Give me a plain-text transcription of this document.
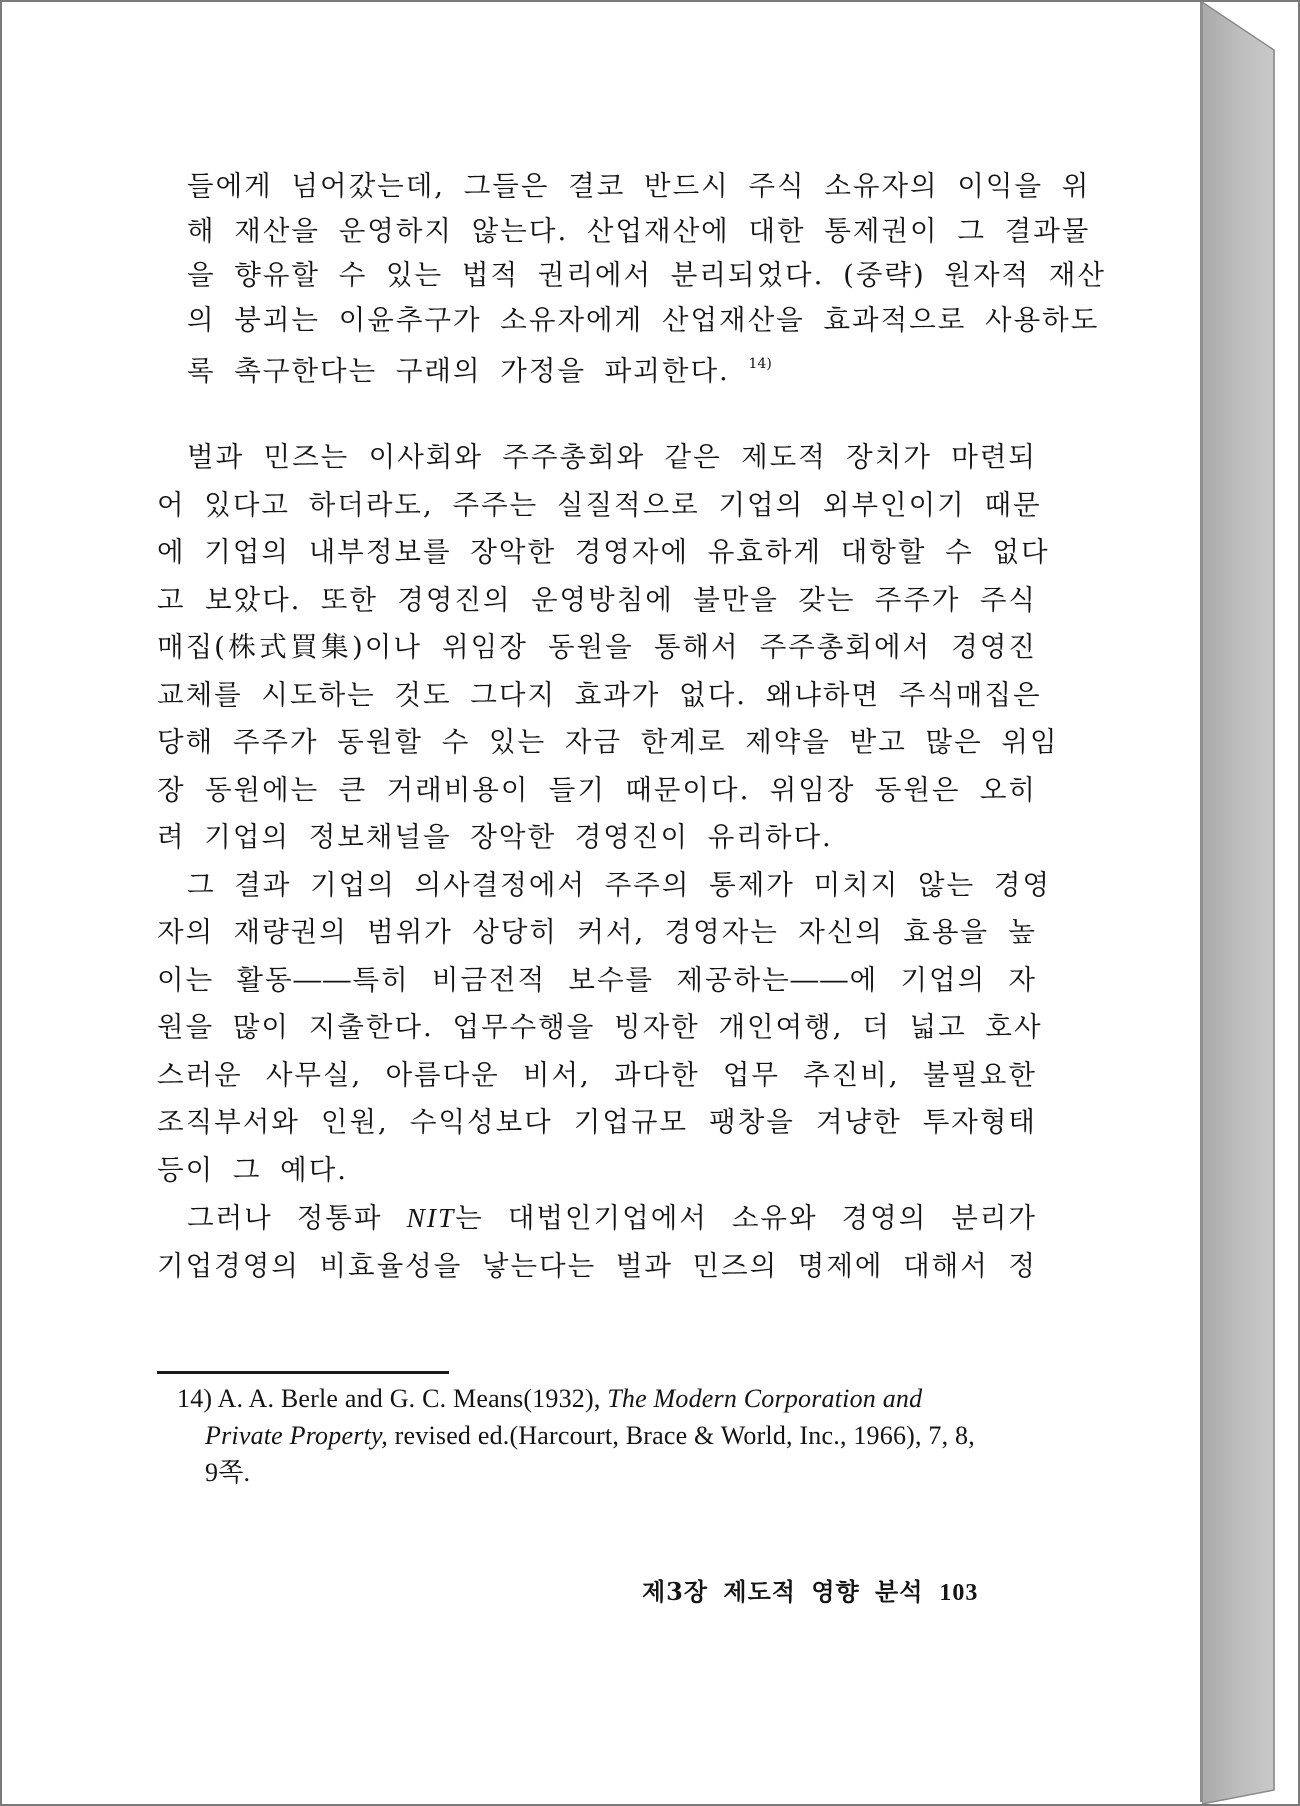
들에게 넘어갔는데, 그들은 결코 반드시 주식 소유자의 이익을 위
해 재산을 운영하지 않는다. 산업재산에 대한 통제권이 그 결과물
을 향유할 수 있는 법적 권리에서 분리되었다. (중략) 원자적 재산
의 붕괴는 이윤추구가 소유자에게 산업재산을 효과적으로 사용하도
록 촉구한다는 구래의 가정을 파괴한다. $^{14)}$
벌과 민즈는 이사회와 주주총회와 같은 제도적 장치가 마련되
어 있다고 하더라도, 주주는 실질적으로 기업의 외부인이기 때문
에 기업의 내부정보를 장악한 경영자에 유효하게 대항할 수 없다
고 보았다. 또한 경영진의 운영방침에 불만을 갖는 주주가 주식
매집(株式買集)이나 위임장 동원을 통해서 주주총회에서 경영진
교체를 시도하는 것도 그다지 효과가 없다. 왜냐하면 주식매집은
당해 주주가 동원할 수 있는 자금 한계로 제약을 받고 많은 위임
장 동원에는 큰 거래비용이 들기 때문이다. 위임장 동원은 오히
려 기업의 정보채널을 장악한 경영진이 유리하다.
그 결과 기업의 의사결정에서 주주의 통제가 미치지 않는 경영
자의 재량권의 범위가 상당히 커서, 경영자는 자신의 효용을 높
이는 활동――특히 비금전적 보수를 제공하는――에 기업의 자
원을 많이 지출한다. 업무수행을 빙자한 개인여행, 더 넓고 호사
스러운 사무실, 아름다운 비서, 과다한 업무 추진비, 불필요한
조직부서와 인원, 수익성보다 기업규모 팽창을 겨냥한 투자형태
등이 그 예다.
그러나 정통파 NIT는 대법인기업에서 소유와 경영의 분리가
기업경영의 비효율성을 낳는다는 벌과 민즈의 명제에 대해서 정
14) A. A. Berle and G. C. Means(1932), The Modern Corporation and
Private Property, revised ed.(Harcourt, Brace & World, Inc., 1966), 7, 8,
9쪽.
제3장 제도적 영향 분석 103
